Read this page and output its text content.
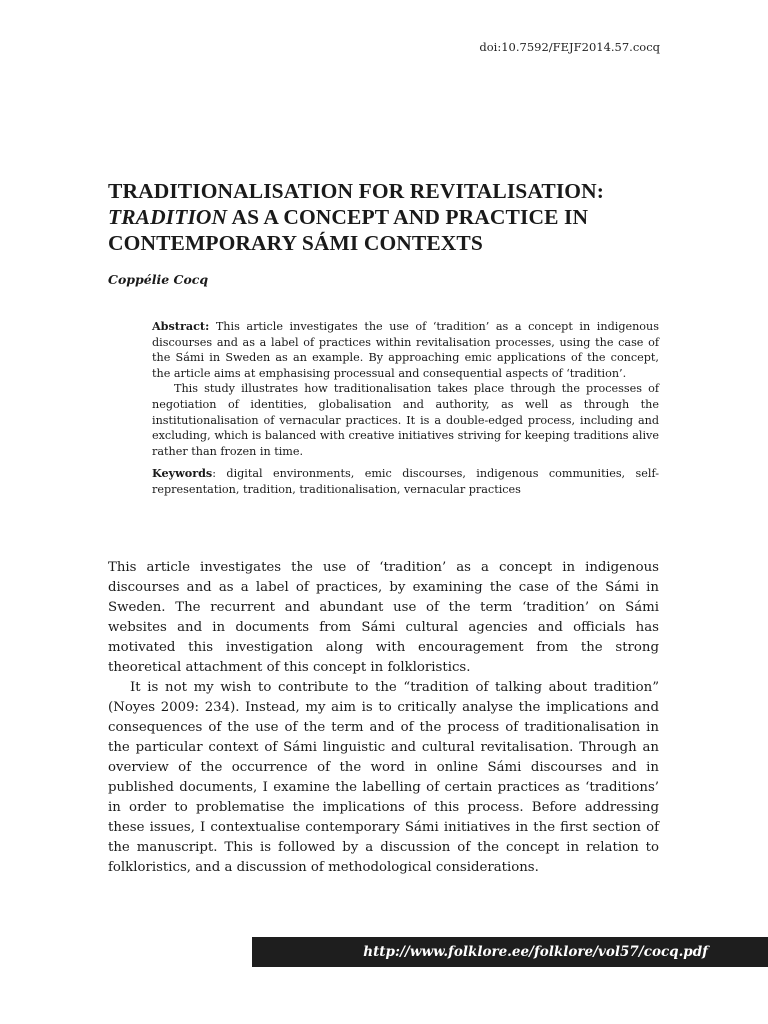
doi:10.7592/FEJF2014.57.cocq
TRADITIONALISATION FOR REVITALISATION:
TRADITION AS A CONCEPT AND PRACTICE IN
CONTEMPORARY SÁMI CONTEXTS
Coppélie Cocq

Abstract: This article investigates the use of ‘tradition’ as a concept in indigenous discourses and as a label of practices within revitalisation processes, using the case of the Sámi in Sweden as an example. By approaching emic applications of the concept, the article aims at emphasising processual and consequential aspects of ‘tradition’.

This study illustrates how traditionalisation takes place through the processes of negotiation of identities, globalisation and authority, as well as through the institutionalisation of vernacular practices. It is a double-edged process, including and excluding, which is balanced with creative initiatives striving for keeping traditions alive rather than frozen in time.

Keywords: digital environments, emic discourses, indigenous communities, self-representation, tradition, traditionalisation, vernacular practices

This article investigates the use of ‘tradition’ as a concept in indigenous discourses and as a label of practices, by examining the case of the Sámi in Sweden. The recurrent and abundant use of the term ‘tradition’ on Sámi websites and in documents from Sámi cultural agencies and officials has motivated this investigation along with encouragement from the strong theoretical attachment of this concept in folkloristics.

It is not my wish to contribute to the “tradition of talking about tradition” (Noyes 2009: 234). Instead, my aim is to critically analyse the implications and consequences of the use of the term and of the process of traditionalisation in the particular context of Sámi linguistic and cultural revitalisation. Through an overview of the occurrence of the word in online Sámi discourses and in published documents, I examine the labelling of certain practices as ‘traditions’ in order to problematise the implications of this process. Before addressing these issues, I contextualise contemporary Sámi initiatives in the first section of the manuscript. This is followed by a discussion of the concept in relation to folkloristics, and a discussion of methodological considerations.

http://www.folklore.ee/folklore/vol57/cocq.pdf
